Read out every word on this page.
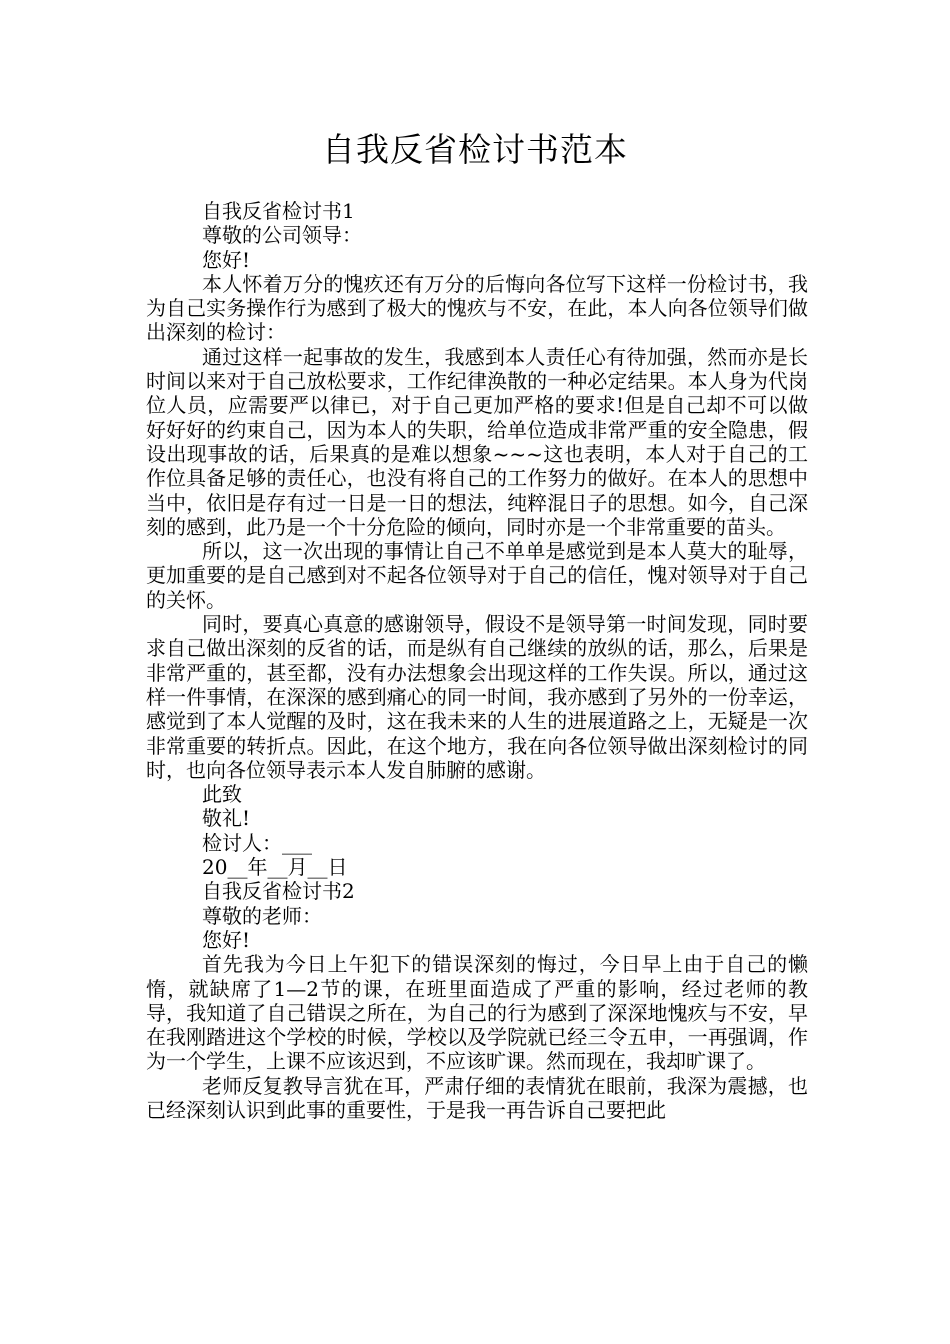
自我反省检讨书范本

自我反省检讨书1

尊敬的公司领导：

您好!

本人怀着万分的愧疚还有万分的后悔向各位写下这样一份检讨书，我为自己实务操作行为感到了极大的愧疚与不安，在此，本人向各位领导们做出深刻的检讨：

通过这样一起事故的发生，我感到本人责任心有待加强，然而亦是长时间以来对于自己放松要求，工作纪律涣散的一种必定结果。本人身为代岗位人员，应需要严以律已，对于自己更加严格的要求!但是自己却不可以做好好好的约束自己，因为本人的失职，给单位造成非常严重的安全隐患，假设出现事故的话，后果真的是难以想象~~~这也表明，本人对于自己的工作位具备足够的责任心，也没有将自己的工作努力的做好。在本人的思想中当中，依旧是存有过一日是一日的想法，纯粹混日子的思想。如今，自己深刻的感到，此乃是一个十分危险的倾向，同时亦是一个非常重要的苗头。

所以，这一次出现的事情让自己不单单是感觉到是本人莫大的耻辱，更加重要的是自己感到对不起各位领导对于自己的信任，愧对领导对于自己的关怀。

同时，要真心真意的感谢领导，假设不是领导第一时间发现，同时要求自己做出深刻的反省的话，而是纵有自己继续的放纵的话，那么，后果是非常严重的，甚至都，没有办法想象会出现这样的工作失误。所以，通过这样一件事情，在深深的感到痛心的同一时间，我亦感到了另外的一份幸运，感觉到了本人觉醒的及时，这在我未来的人生的进展道路之上，无疑是一次非常重要的转折点。因此，在这个地方，我在向各位领导做出深刻检讨的同时，也向各位领导表示本人发自肺腑的感谢。

此致

敬礼!

检讨人：___

20__年__月__日

自我反省检讨书2

尊敬的老师：

您好!

首先我为今日上午犯下的错误深刻的悔过，今日早上由于自己的懒惰，就缺席了1—2节的课，在班里面造成了严重的影响，经过老师的教导，我知道了自己错误之所在，为自己的行为感到了深深地愧疚与不安，早在我刚踏进这个学校的时候，学校以及学院就已经三令五申，一再强调，作为一个学生，上课不应该迟到，不应该旷课。然而现在，我却旷课了。

老师反复教导言犹在耳，严肃仔细的表情犹在眼前，我深为震撼，也已经深刻认识到此事的重要性，于是我一再告诉自己要把此
